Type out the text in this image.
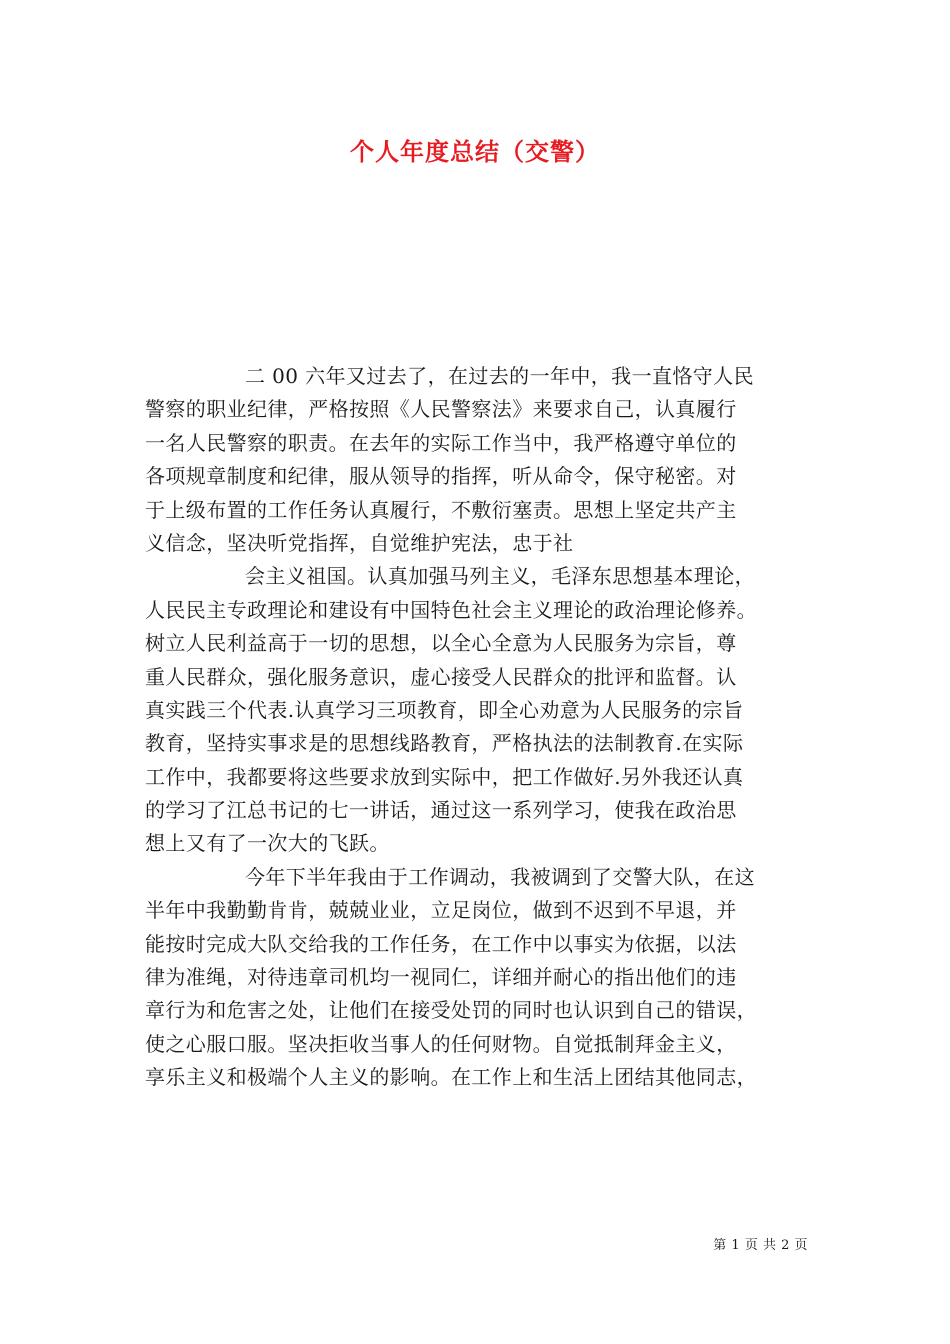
个人年度总结（交警）
二 00 六年又过去了，在过去的一年中，我一直恪守人民
警察的职业纪律，严格按照《人民警察法》来要求自己，认真履行
一名人民警察的职责。在去年的实际工作当中，我严格遵守单位的
各项规章制度和纪律，服从领导的指挥，听从命令，保守秘密。对
于上级布置的工作任务认真履行，不敷衍塞责。思想上坚定共产主
义信念，坚决听党指挥，自觉维护宪法，忠于社
会主义祖国。认真加强马列主义，毛泽东思想基本理论，
人民民主专政理论和建设有中国特色社会主义理论的政治理论修养。
树立人民利益高于一切的思想，以全心全意为人民服务为宗旨，尊
重人民群众，强化服务意识，虚心接受人民群众的批评和监督。认
真实践三个代表.认真学习三项教育，即全心劝意为人民服务的宗旨
教育，坚持实事求是的思想线路教育，严格执法的法制教育.在实际
工作中，我都要将这些要求放到实际中，把工作做好.另外我还认真
的学习了江总书记的七一讲话，通过这一系列学习，使我在政治思
想上又有了一次大的飞跃。
今年下半年我由于工作调动，我被调到了交警大队，在这
半年中我勤勤肯肯，兢兢业业，立足岗位，做到不迟到不早退，并
能按时完成大队交给我的工作任务，在工作中以事实为依据，以法
律为准绳，对待违章司机均一视同仁，详细并耐心的指出他们的违
章行为和危害之处，让他们在接受处罚的同时也认识到自己的错误，
使之心服口服。坚决拒收当事人的任何财物。自觉抵制拜金主义，
享乐主义和极端个人主义的影响。在工作上和生活上团结其他同志，
第 1 页 共 2 页
